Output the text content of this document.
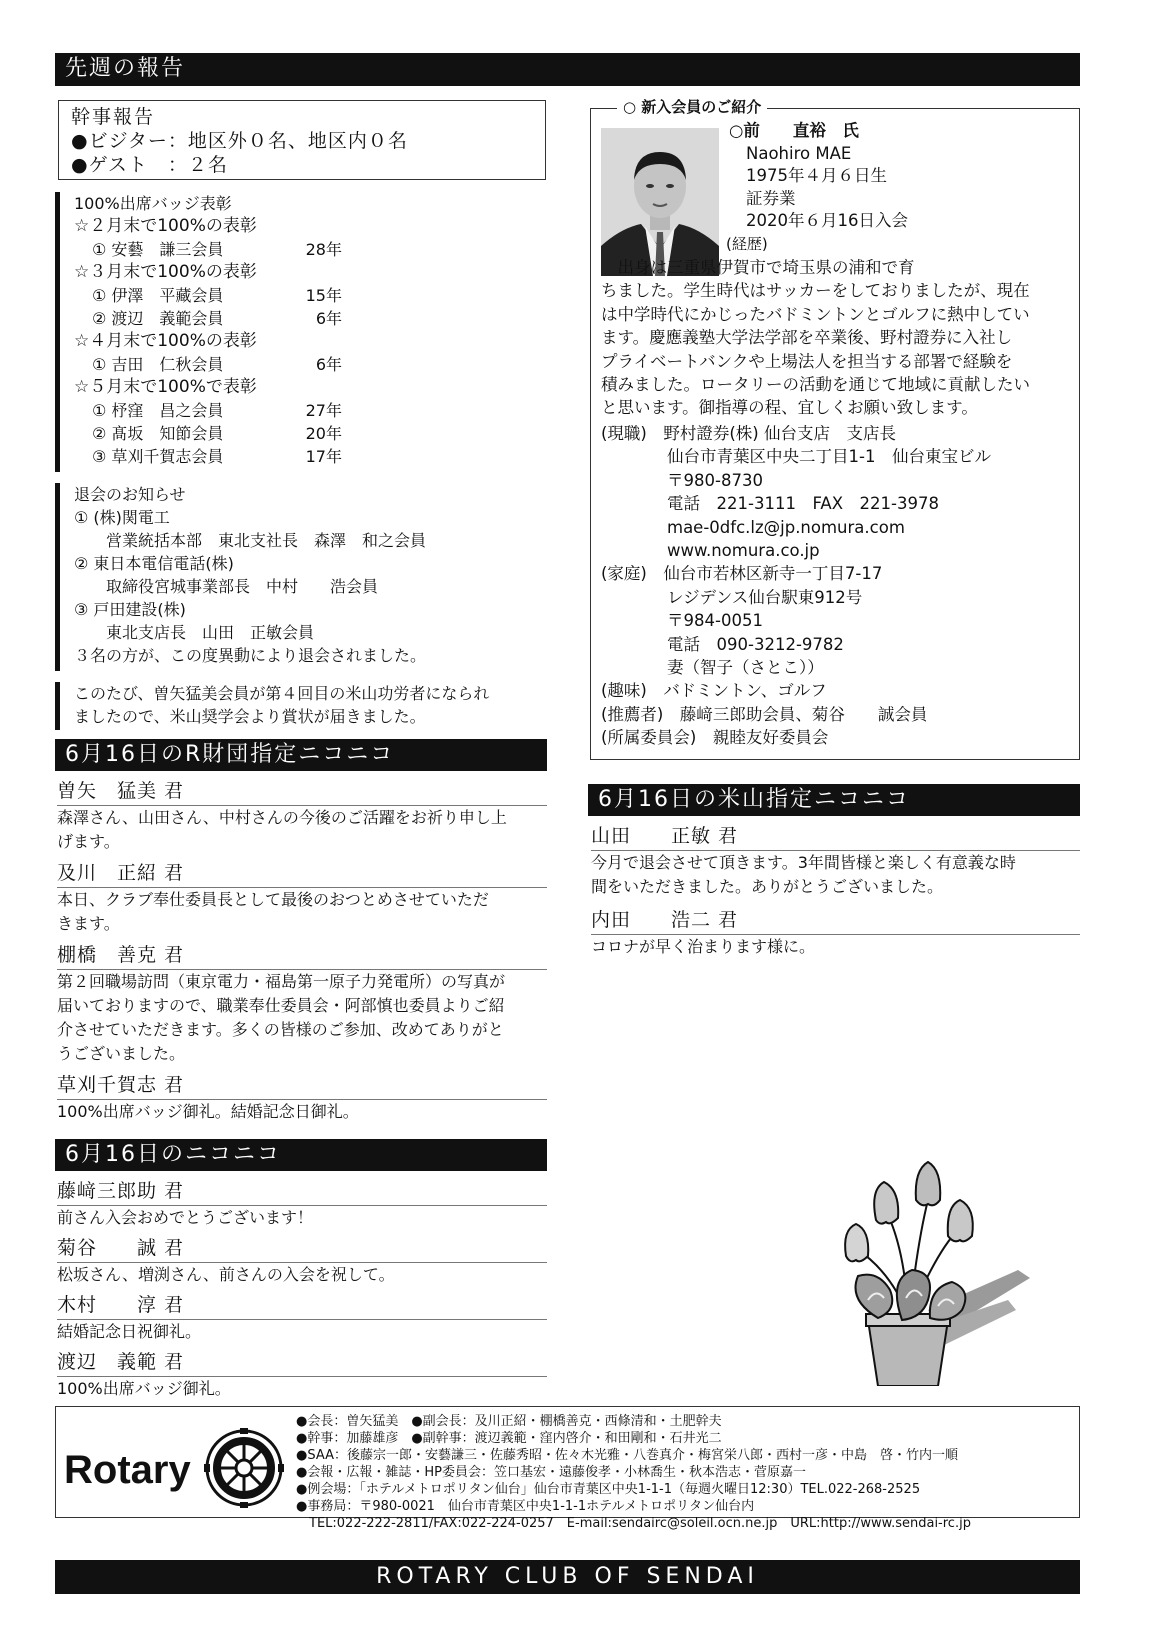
先週の報告
幹事報告
●ビジター：地区外０名、地区内０名
●ゲスト　：２名
100%出席バッジ表彰
☆２月末で100%の表彰
① 安藝　謙三会員	28年
☆３月末で100%の表彰
① 伊澤　平藏会員	15年
② 渡辺　義範会員	6年
☆４月末で100%の表彰
① 吉田　仁秋会員	6年
☆５月末で100%で表彰
① 杼窪　昌之会員	27年
② 髙坂　知節会員	20年
③ 草刈千賀志会員	17年
退会のお知らせ
① (株)関電工
　　営業統括本部　東北支社長　森澤　和之会員
② 東日本電信電話(株)
　　取締役宮城事業部長　中村　　浩会員
③ 戸田建設(株)
　　東北支店長　山田　正敏会員
３名の方が、この度異動により退会されました。
このたび、曽矢猛美会員が第４回目の米山功労者になられ
ましたので、米山奨学会より賞状が届きました。
6月16日のR財団指定ニコニコ
曽矢　猛美 君
森澤さん、山田さん、中村さんの今後のご活躍をお祈り申し上
げます。
及川　正紹 君
本日、クラブ奉仕委員長として最後のおつとめさせていただ
きます。
棚橋　善克 君
第２回職場訪問（東京電力・福島第一原子力発電所）の写真が
届いておりますので、職業奉仕委員会・阿部慎也委員よりご紹
介させていただきます。多くの皆様のご参加、改めてありがと
うございました。
草刈千賀志 君
100%出席バッジ御礼。結婚記念日御礼。
6月16日のニコニコ
藤﨑三郎助 君
前さん入会おめでとうございます！
菊谷　　誠 君
松坂さん、増渕さん、前さんの入会を祝して。
木村　　淳 君
結婚記念日祝御礼。
渡辺　義範 君
100%出席バッジ御礼。
○ 新入会員のご紹介
○前　　直裕　氏
Naohiro MAE
1975年４月６日生
証券業
2020年６月16日入会
(経歴)
　出身は三重県伊賀市で埼玉県の浦和で育
ちました。学生時代はサッカーをしておりましたが、現在
は中学時代にかじったバドミントンとゴルフに熱中してい
ます。慶應義塾大学法学部を卒業後、野村證券に入社し
プライベートバンクや上場法人を担当する部署で経験を
積みました。ロータリーの活動を通じて地域に貢献したい
と思います。御指導の程、宜しくお願い致します。
(現職)　野村證券(株) 仙台支店　支店長
　　　　仙台市青葉区中央二丁目1-1　仙台東宝ビル
　　　　〒980-8730
　　　　電話　221-3111　FAX　221-3978
　　　　mae-0dfc.lz@jp.nomura.com
　　　　www.nomura.co.jp
(家庭)　仙台市若林区新寺一丁目7-17
　　　　レジデンス仙台駅東912号
　　　　〒984-0051
　　　　電話　090-3212-9782
　　　　妻（智子（さとこ））
(趣味)　バドミントン、ゴルフ
(推薦者)　藤﨑三郎助会員、菊谷　　誠会員
(所属委員会)　親睦友好委員会
6月16日の米山指定ニコニコ
山田　　正敏 君
今月で退会させて頂きます。3年間皆様と楽しく有意義な時
間をいただきました。ありがとうございました。
内田　　浩二 君
コロナが早く治まります様に。
Rotary
●会長：曽矢猛美　●副会長：及川正紹・棚橋善克・西條清和・土肥幹夫
●幹事：加藤雄彦　●副幹事：渡辺義範・窪内啓介・和田剛和・石井光二
●SAA：後藤宗一郎・安藝謙三・佐藤秀昭・佐々木光雅・八巻真介・梅宮栄八郎・西村一彦・中島　啓・竹内一順
●会報・広報・雑誌・HP委員会：笠口基宏・遠藤俊孝・小林喬生・秋本浩志・菅原嘉一
●例会場：「ホテルメトロポリタン仙台」仙台市青葉区中央1-1-1（毎週火曜日12:30）TEL.022-268-2525
●事務局：〒980-0021　仙台市青葉区中央1-1-1ホテルメトロポリタン仙台内
　TEL:022-222-2811/FAX:022-224-0257　E-mail:sendairc@soleil.ocn.ne.jp　URL:http://www.sendai-rc.jp
ROTARY CLUB OF SENDAI
